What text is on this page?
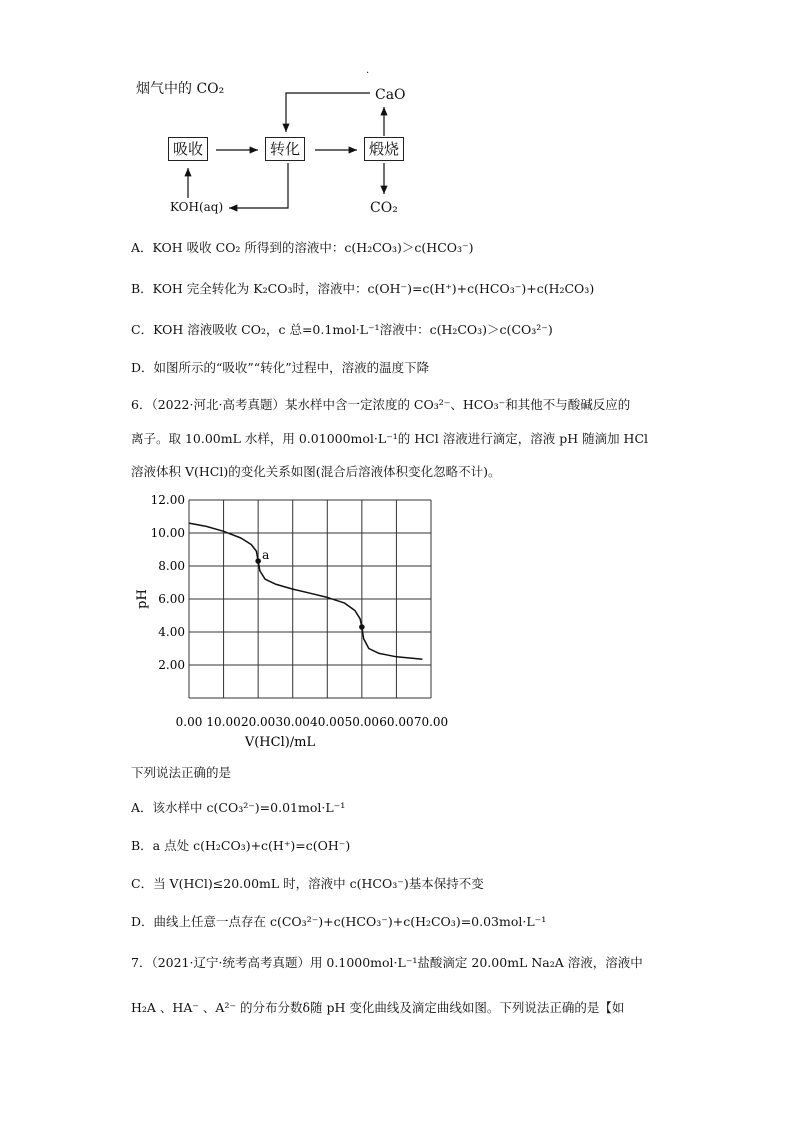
烟气中的 CO₂
·
CaO
吸收	转化	煅烧
KOH(aq)	CO₂
A．KOH 吸收 CO₂ 所得到的溶液中：c(H₂CO₃)＞c(HCO₃⁻)
B．KOH 完全转化为 K₂CO₃时，溶液中：c(OH⁻)=c(H⁺)+c(HCO₃⁻)+c(H₂CO₃)
C．KOH 溶液吸收 CO₂，c 总=0.1mol·L⁻¹溶液中：c(H₂CO₃)＞c(CO₃²⁻)
D．如图所示的“吸收”“转化”过程中，溶液的温度下降
6．（2022·河北·高考真题）某水样中含一定浓度的 CO₃²⁻、HCO₃⁻和其他不与酸碱反应的
离子。取 10.00mL 水样，用 0.01000mol·L⁻¹的 HCl 溶液进行滴定，溶液 pH 随滴加 HCl
溶液体积 V(HCl)的变化关系如图(混合后溶液体积变化忽略不计)。
2.00
4.00
6.00
8.00
10.00
12.00
0.00 10.00 20.00 30.00 40.00 50.00 60.00 70.00
V(HCl)/mL
pH
a
下列说法正确的是
A．该水样中 c(CO₃²⁻)=0.01mol·L⁻¹
B．a 点处 c(H₂CO₃)+c(H⁺)=c(OH⁻)
C．当 V(HCl)≤20.00mL 时，溶液中 c(HCO₃⁻)基本保持不变
D．曲线上任意一点存在 c(CO₃²⁻)+c(HCO₃⁻)+c(H₂CO₃)=0.03mol·L⁻¹
7．（2021·辽宁·统考高考真题）用 0.1000mol·L⁻¹盐酸滴定 20.00mL Na₂A 溶液，溶液中
H₂A 、HA⁻ 、A²⁻ 的分布分数δ随 pH 变化曲线及滴定曲线如图。下列说法正确的是【如
